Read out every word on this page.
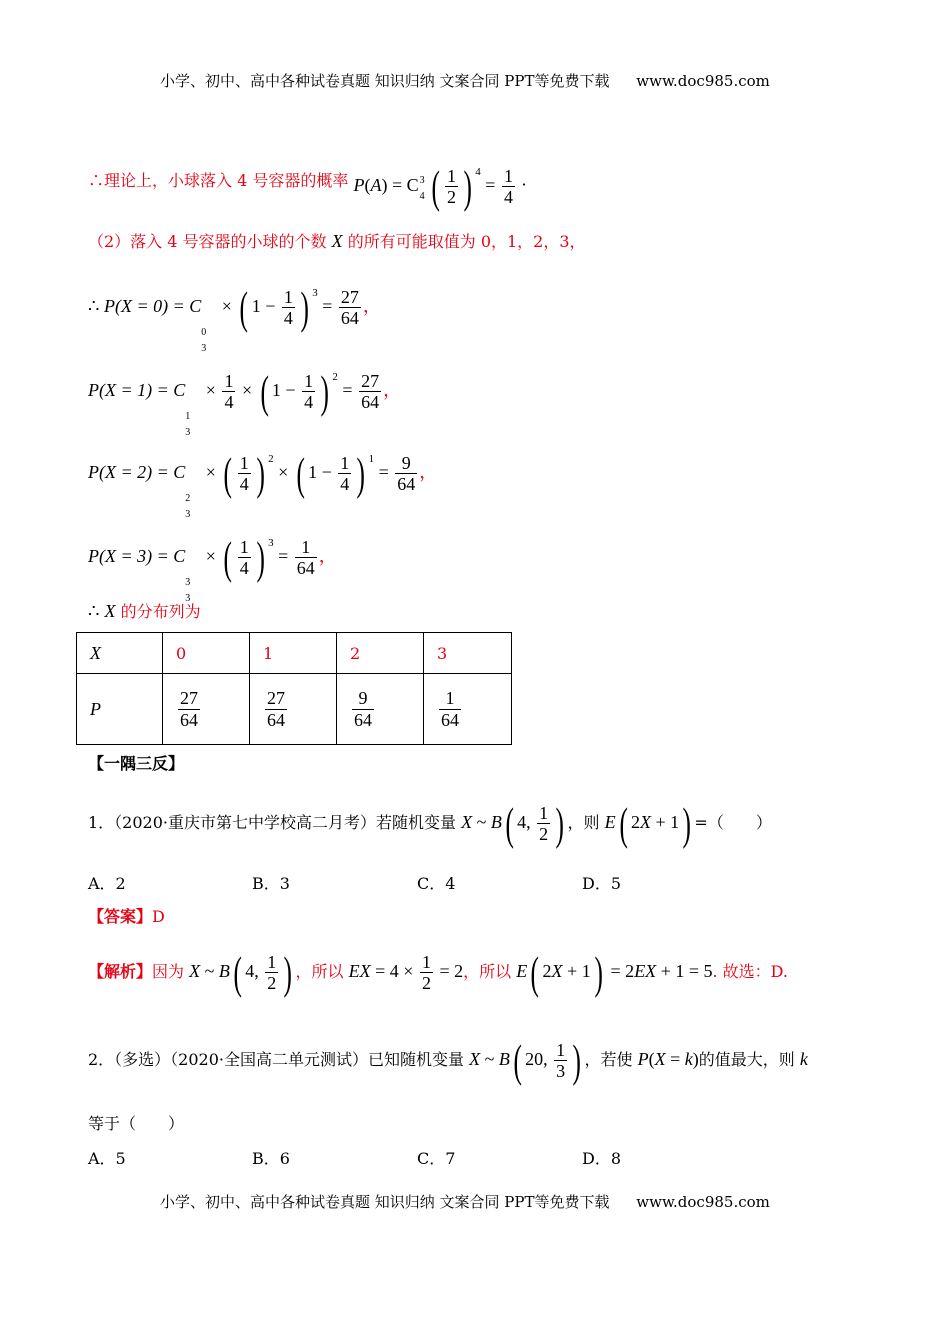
小学、初中、高中各种试卷真题 知识归纳 文案合同 PPT等免费下载 www.doc985.com
∴理论上，小球落入 4 号容器的概率 P(A) = C 3
4 ( $\frac{1}{2}$ ) $^4 = \frac{1}{4}$ .
（2）落入 4 号容器的小球的个数 X 的所有可能取值为 0，1，2，3，
∴ P(X = 0) = C
0
3
× ( $1 - \frac{1}{4}$ ) $^3 = \frac{27}{64}$ ，
P(X = 1) = C
1
3
× $\frac{1}{4}$ × ( $1 - \frac{1}{4}$ ) $^2 = \frac{27}{64}$ ，
P(X = 2) = C
2
3
× ( $\frac{1}{4}$ ) $^2$ × ( $1 - \frac{1}{4}$ ) $^1 = \frac{9}{64}$ ，
P(X = 3) = C
3
3
× ( $\frac{1}{4}$ ) $^3 = \frac{1}{64}$ ，
∴ X 的分布列为
X	0	1	2	3
P	$\frac{27}{64}$	$\frac{27}{64}$	$\frac{9}{64}$	$\frac{1}{64}$
【一隅三反】
1．（2020·重庆市第七中学校高二月考）若随机变量 X ~ B( 4, $\frac{1}{2}$ ) ，则 E( 2X + 1) =（　　）
A．2	B．3	C．4	D．5
【答案】D
【解析】因为 X ~ B( 4, $\frac{1}{2}$ ) ，所以 EX = $4 \times \frac{1}{2} = 2$，所以 E( 2X + 1) = 2EX + 1 = 5. 故选：D.
2．（多选）（2020·全国高二单元测试）已知随机变量 X ~ B( 20, $\frac{1}{3}$ ) ，若使 P(X = k)的值最大，则 k
等于（　　）
A．5	B．6	C．7	D．8
小学、初中、高中各种试卷真题 知识归纳 文案合同 PPT等免费下载 www.doc985.com
